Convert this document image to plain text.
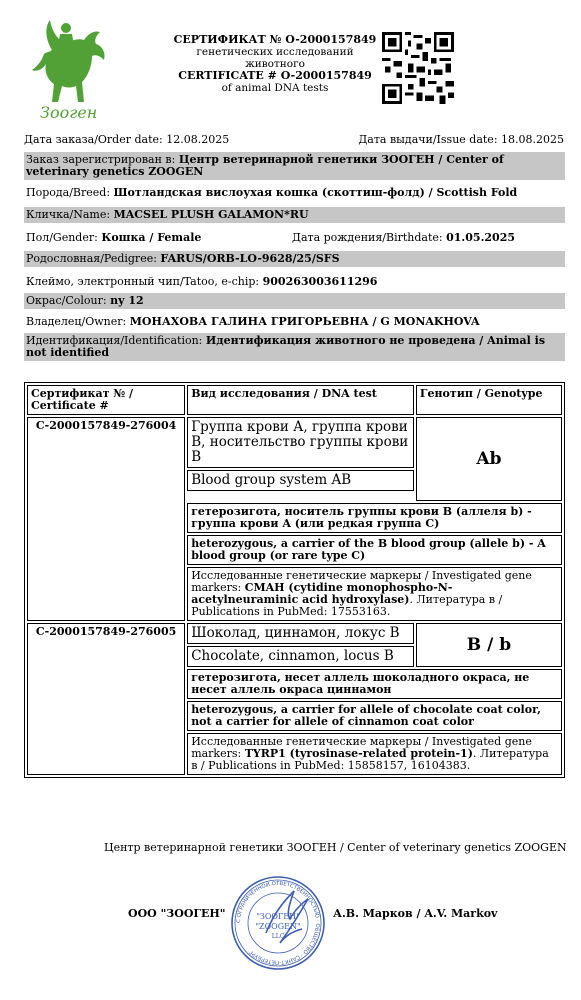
Зооген
СЕРТИФИКАТ № O-2000157849
генетических исследований
животного
CERTIFICATE # O-2000157849
of animal DNA tests
Дата заказа/Order date: 12.08.2025	Дата выдачи/Issue date: 18.08.2025
Заказ зарегистрирован в: Центр ветеринарной генетики ЗООГЕН / Center of veterinary genetics ZOOGEN
Порода/Breed: Шотландская вислоухая кошка (скоттиш-фолд) / Scottish Fold
Кличка/Name: MACSEL PLUSH GALAMON*RU
Пол/Gender: Кошка / Female	Дата рождения/Birthdate: 01.05.2025
Родословная/Pedigree: FARUS/ORB-LO-9628/25/SFS
Клеймо, электронный чип/Tatoo, e-chip: 900263003611296
Окрас/Colour: ny 12
Владелец/Owner: МОНАХОВА ГАЛИНА ГРИГОРЬЕВНА / G MONAKHOVA
Идентификация/Identification: Идентификация животного не проведена / Animal is not identified
Сертификат № / Certificate #	Вид исследования / DNA test	Генотип / Genotype
C-2000157849-276004	Группа крови А, группа крови В, носительство группы крови В
Blood group system AB	Ab
	гетерозигота, носитель группы крови B (аллеля b) - группа крови A (или редкая группа C)	
	heterozygous, a carrier of the B blood group (allele b) - A blood group (or rare type C)	
	Исследованные генетические маркеры / Investigated gene markers: CMAH (cytidine monophospho-N-acetylneuraminic acid hydroxylase). Литература в / Publications in PubMed: 17553163.	
C-2000157849-276005	Шоколад, циннамон, локус B
Chocolate, cinnamon, locus B	B / b
	гетерозигота, несет аллель шоколадного окраса, не несет аллель окраса циннамон	
	heterozygous, a carrier for allele of chocolate coat color, not a carrier for allele of cinnamon coat color	
	Исследованные генетические маркеры / Investigated gene markers: TYRP1 (tyrosinase-related protein-1). Литература в / Publications in PubMed: 15858157, 16104383.	
Центр ветеринарной генетики ЗООГЕН / Center of veterinary genetics ZOOGEN
ООО "ЗООГЕН"
С ОГРАНИЧЕННОЙ ОТВЕТСТВЕННОСТЬЮ · ОБЩЕСТВО · САНКТ-ПЕТЕРБУРГ
"ЗООГЕН"
"ZOOGEN"
LLC
А.В. Марков / A.V. Markov
